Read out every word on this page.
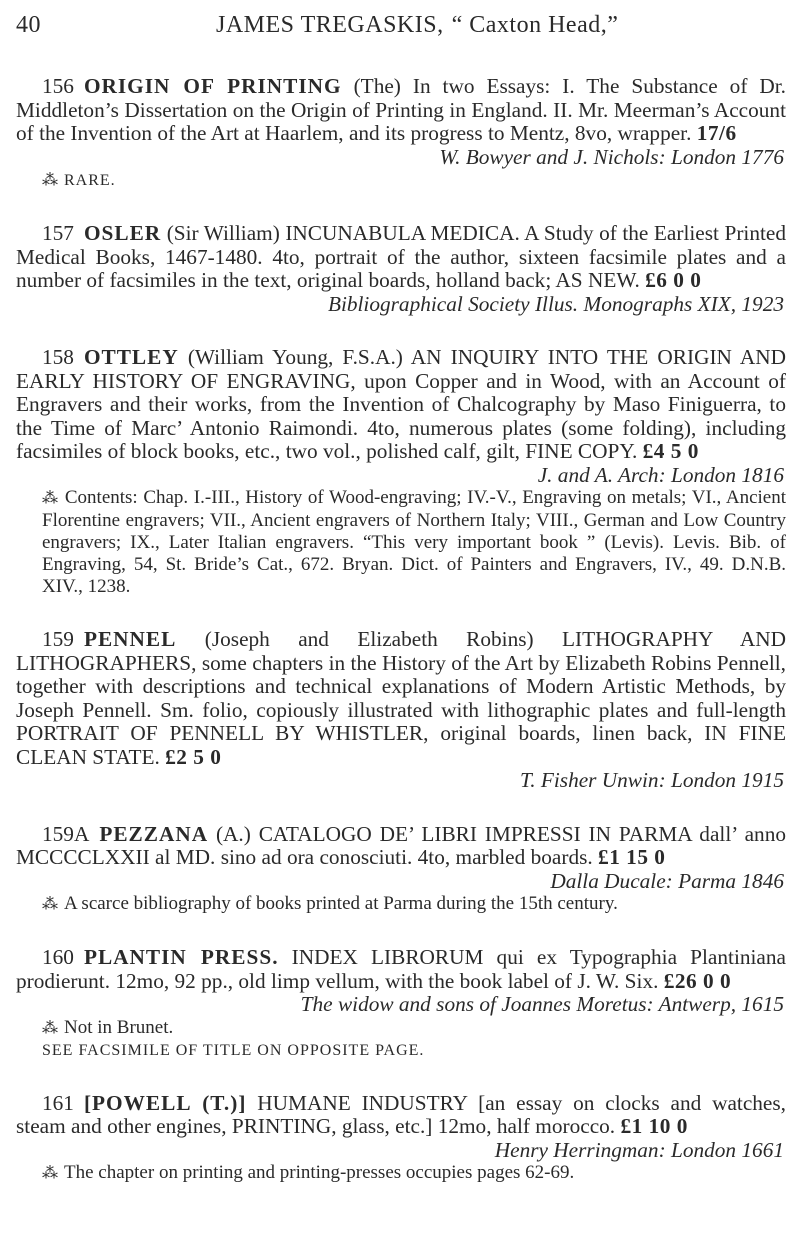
40	JAMES TREGASKIS, “ Caxton Head,”

156 ORIGIN OF PRINTING (The) In two Essays: I. The Substance of Dr. Middleton’s Dissertation on the Origin of Printing in England. II. Mr. Meerman’s Account of the Invention of the Art at Haarlem, and its progress to Mentz, 8vo, wrapper. 17/6
W. Bowyer and J. Nichols: London 1776
⁂ RARE.

157 OSLER (Sir William) INCUNABULA MEDICA. A Study of the Earliest Printed Medical Books, 1467-1480. 4to, portrait of the author, sixteen facsimile plates and a number of facsimiles in the text, original boards, holland back; AS NEW. £6 0 0
Bibliographical Society Illus. Monographs XIX, 1923

158 OTTLEY (William Young, F.S.A.) AN INQUIRY INTO THE ORIGIN AND EARLY HISTORY OF ENGRAVING, upon Copper and in Wood, with an Account of Engravers and their works, from the Invention of Chalcography by Maso Finiguerra, to the Time of Marc’ Antonio Raimondi. 4to, numerous plates (some folding), including facsimiles of block books, etc., two vol., polished calf, gilt, FINE COPY. £4 5 0
J. and A. Arch: London 1816
⁂ Contents: Chap. I.-III., History of Wood-engraving; IV.-V., Engraving on metals; VI., Ancient Florentine engravers; VII., Ancient engravers of Northern Italy; VIII., German and Low Country engravers; IX., Later Italian engravers. “This very important book ” (Levis). Levis. Bib. of Engraving, 54, St. Bride’s Cat., 672. Bryan. Dict. of Painters and Engravers, IV., 49. D.N.B. XIV., 1238.

159 PENNEL (Joseph and Elizabeth Robins) LITHOGRAPHY AND LITHOGRAPHERS, some chapters in the History of the Art by Elizabeth Robins Pennell, together with descriptions and technical explanations of Modern Artistic Methods, by Joseph Pennell. Sm. folio, copiously illustrated with lithographic plates and full-length PORTRAIT OF PENNELL BY WHISTLER, original boards, linen back, IN FINE CLEAN STATE. £2 5 0
T. Fisher Unwin: London 1915

159A PEZZANA (A.) CATALOGO DE’ LIBRI IMPRESSI IN PARMA dall’ anno MCCCCLXXII al MD. sino ad ora conosciuti. 4to, marbled boards. £1 15 0
Dalla Ducale: Parma 1846
⁂ A scarce bibliography of books printed at Parma during the 15th century.

160 PLANTIN PRESS. INDEX LIBRORUM qui ex Typographia Plantiniana prodierunt. 12mo, 92 pp., old limp vellum, with the book label of J. W. Six. £26 0 0
The widow and sons of Joannes Moretus: Antwerp, 1615
⁂ Not in Brunet.
SEE FACSIMILE OF TITLE ON OPPOSITE PAGE.

161 [POWELL (T.)] HUMANE INDUSTRY [an essay on clocks and watches, steam and other engines, PRINTING, glass, etc.] 12mo, half morocco. £1 10 0
Henry Herringman: London 1661
⁂ The chapter on printing and printing-presses occupies pages 62-69.
